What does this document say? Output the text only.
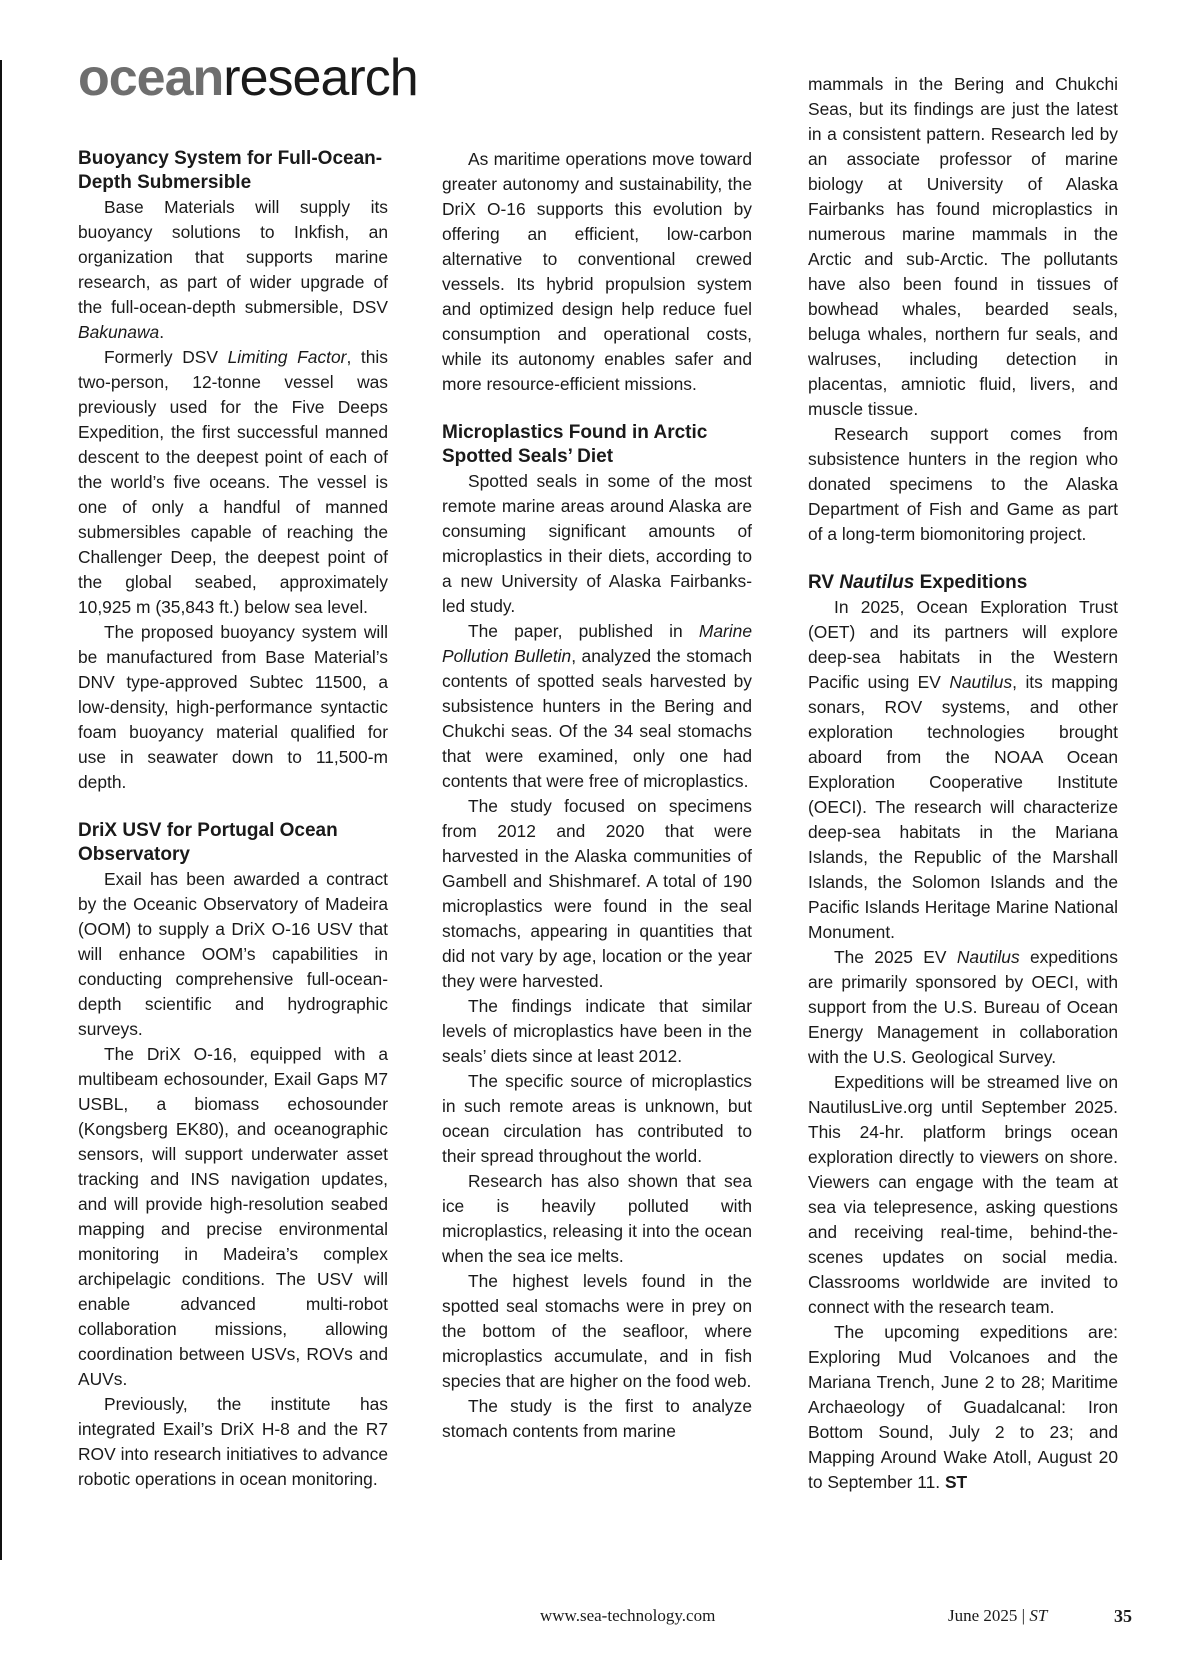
oceanresearch
Buoyancy System for Full-Ocean-Depth Submersible

Base Materials will supply its buoyancy solutions to Inkfish, an organization that supports marine research, as part of wider upgrade of the full-ocean-depth submersible, DSV Bakunawa.

Formerly DSV Limiting Factor, this two-person, 12-tonne vessel was previously used for the Five Deeps Expedition, the first successful manned descent to the deepest point of each of the world’s five oceans. The vessel is one of only a handful of manned submersibles capable of reaching the Challenger Deep, the deepest point of the global seabed, approximately 10,925 m (35,843 ft.) below sea level.

The proposed buoyancy system will be manufactured from Base Material’s DNV type-approved Subtec 11500, a low-density, high-performance syntactic foam buoyancy material qualified for use in seawater down to 11,500-m depth.

DriX USV for Portugal Ocean Observatory

Exail has been awarded a contract by the Oceanic Observatory of Madeira (OOM) to supply a DriX O-16 USV that will enhance OOM’s capabilities in conducting comprehensive full-ocean-depth scientific and hydrographic surveys.

The DriX O-16, equipped with a multibeam echosounder, Exail Gaps M7 USBL, a biomass echosounder (Kongsberg EK80), and oceanographic sensors, will support underwater asset tracking and INS navigation updates, and will provide high-resolution seabed mapping and precise environmental monitoring in Madeira’s complex archipelagic conditions. The USV will enable advanced multi-robot collaboration missions, allowing coordination between USVs, ROVs and AUVs.

Previously, the institute has integrated Exail’s DriX H-8 and the R7 ROV into research initiatives to advance robotic operations in ocean monitoring.

As maritime operations move toward greater autonomy and sustainability, the DriX O-16 supports this evolution by offering an efficient, low-carbon alternative to conventional crewed vessels. Its hybrid propulsion system and optimized design help reduce fuel consumption and operational costs, while its autonomy enables safer and more resource-efficient missions.

Microplastics Found in Arctic Spotted Seals’ Diet

Spotted seals in some of the most remote marine areas around Alaska are consuming significant amounts of microplastics in their diets, according to a new University of Alaska Fairbanks-led study.

The paper, published in Marine Pollution Bulletin, analyzed the stomach contents of spotted seals harvested by subsistence hunters in the Bering and Chukchi seas. Of the 34 seal stomachs that were examined, only one had contents that were free of microplastics.

The study focused on specimens from 2012 and 2020 that were harvested in the Alaska communities of Gambell and Shishmaref. A total of 190 microplastics were found in the seal stomachs, appearing in quantities that did not vary by age, location or the year they were harvested.

The findings indicate that similar levels of microplastics have been in the seals’ diets since at least 2012.

The specific source of microplastics in such remote areas is unknown, but ocean circulation has contributed to their spread throughout the world.

Research has also shown that sea ice is heavily polluted with microplastics, releasing it into the ocean when the sea ice melts.

The highest levels found in the spotted seal stomachs were in prey on the bottom of the seafloor, where microplastics accumulate, and in fish species that are higher on the food web.

The study is the first to analyze stomach contents from marine

mammals in the Bering and Chukchi Seas, but its findings are just the latest in a consistent pattern. Research led by an associate professor of marine biology at University of Alaska Fairbanks has found microplastics in numerous marine mammals in the Arctic and sub-Arctic. The pollutants have also been found in tissues of bowhead whales, bearded seals, beluga whales, northern fur seals, and walruses, including detection in placentas, amniotic fluid, livers, and muscle tissue.

Research support comes from subsistence hunters in the region who donated specimens to the Alaska Department of Fish and Game as part of a long-term biomonitoring project.

RV Nautilus Expeditions

In 2025, Ocean Exploration Trust (OET) and its partners will explore deep-sea habitats in the Western Pacific using EV Nautilus, its mapping sonars, ROV systems, and other exploration technologies brought aboard from the NOAA Ocean Exploration Cooperative Institute (OECI). The research will characterize deep-sea habitats in the Mariana Islands, the Republic of the Marshall Islands, the Solomon Islands and the Pacific Islands Heritage Marine National Monument.

The 2025 EV Nautilus expeditions are primarily sponsored by OECI, with support from the U.S. Bureau of Ocean Energy Management in collaboration with the U.S. Geological Survey.

Expeditions will be streamed live on NautilusLive.org until September 2025. This 24-hr. platform brings ocean exploration directly to viewers on shore. Viewers can engage with the team at sea via telepresence, asking questions and receiving real-time, behind-the-scenes updates on social media. Classrooms worldwide are invited to connect with the research team.

The upcoming expeditions are: Exploring Mud Volcanoes and the Mariana Trench, June 2 to 28; Maritime Archaeology of Guadalcanal: Iron Bottom Sound, July 2 to 23; and Mapping Around Wake Atoll, August 20 to September 11. ST

www.sea-technology.com	June 2025 | ST	35
